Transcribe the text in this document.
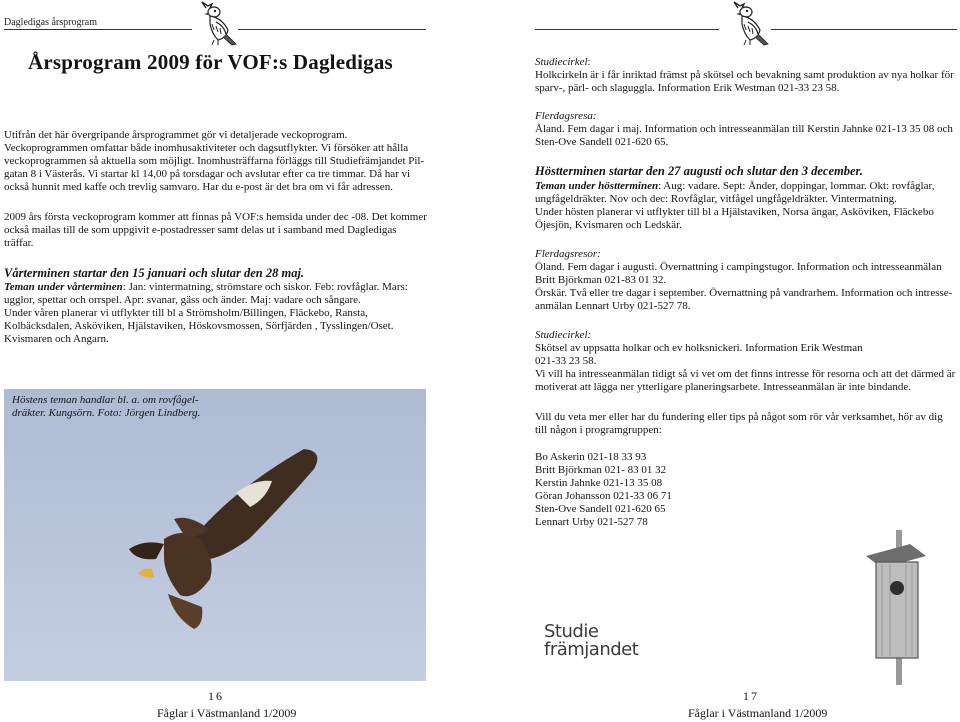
Dagledigas årsprogram
Årsprogram 2009 för VOF:s Dagledigas

Utifrån det här övergripande årsprogrammet gör vi detaljerade veckoprogram.

Veckoprogrammen omfattar både inomhusaktiviteter och dagsutflykter. Vi försöker att hålla

veckoprogrammen så aktuella som möjligt. Inomhusträffarna förläggs till Studiefrämjandet Pil-

gatan 8 i Västerås. Vi startar kl 14,00 på torsdagar och avslutar efter ca tre timmar. Då har vi

också hunnit med kaffe och trevlig samvaro. Har du e-post är det bra om vi får adressen.

2009 års första veckoprogram kommer att finnas på VOF:s hemsida under dec -08. Det kommer

också mailas till de som uppgivit e-postadresser samt delas ut i samband med Dagledigas

träffar.

Vårterminen startar den 15 januari och slutar den 28 maj.

Teman under vårterminen: Jan: vintermatning, strömstare och siskor. Feb: rovfåglar. Mars:

ugglor, spettar och orrspel. Apr: svanar, gäss och änder. Maj: vadare och sångare.

Under våren planerar vi utflykter till bl a Strömsholm/Billingen, Fläckebo, Ransta,

Kolbäcksdalen, Asköviken, Hjälstaviken, Höskovsmossen, Sörfjärden , Tysslingen/Oset.

Kvismaren och Angarn.

Höstens teman handlar bl. a. om rovfågel-
dräkter. Kungsörn. Foto: Jörgen Lindberg.
16
Fåglar i Västmanland 1/2009

Studiecirkel:

Holkcirkeln är i får inriktad främst på skötsel och bevakning samt produktion av nya holkar för

sparv-, pärl- och slaguggla. Information Erik Westman 021-33 23 58.

Flerdagsresa:

Åland. Fem dagar i maj. Information och intresseanmälan till Kerstin Jahnke 021-13 35 08 och

Sten-Ove Sandell 021-620 65.

Höstterminen startar den 27 augusti och slutar den 3 december.

Teman under höstterminen: Aug: vadare. Sept: Änder, doppingar, lommar. Okt: rovfåglar,

ungfågeldräkter. Nov och dec: Rovfåglar, vitfågel ungfågeldräkter. Vintermatning.

Under hösten planerar vi utflykter till bl a Hjälstaviken, Norsa ängar, Asköviken, Fläckebo

Öjesjön, Kvismaren och Ledskär.

Flerdagsresor:

Öland. Fem dagar i augusti. Övernattning i campingstugor. Information och intresseanmälan

Britt Björkman 021-83 01 32.

Örskär. Två eller tre dagar i september. Övernattning på vandrarhem. Information och intresse-

anmälan Lennart Urby 021-527 78.

Studiecirkel:

Skötsel av uppsatta holkar och ev holksnickeri. Information Erik Westman

021-33 23 58.

Vi vill ha intresseanmälan tidigt så vi vet om det finns intresse för resorna och att det därmed är

motiverat att lägga ner ytterligare planeringsarbete. Intresseanmälan är inte bindande.

Vill du veta mer eller har du fundering eller tips på något som rör vår verksamhet, hör av dig

till någon i programgruppen:

Bo Askerin 021-18 33 93
Britt Björkman 021- 83 01 32
Kerstin Jahnke 021-13 35 08
Göran Johansson 021-33 06 71
Sten-Ove Sandell 021-620 65
Lennart Urby 021-527 78
Studie
främjandet
17
Fåglar i Västmanland 1/2009
